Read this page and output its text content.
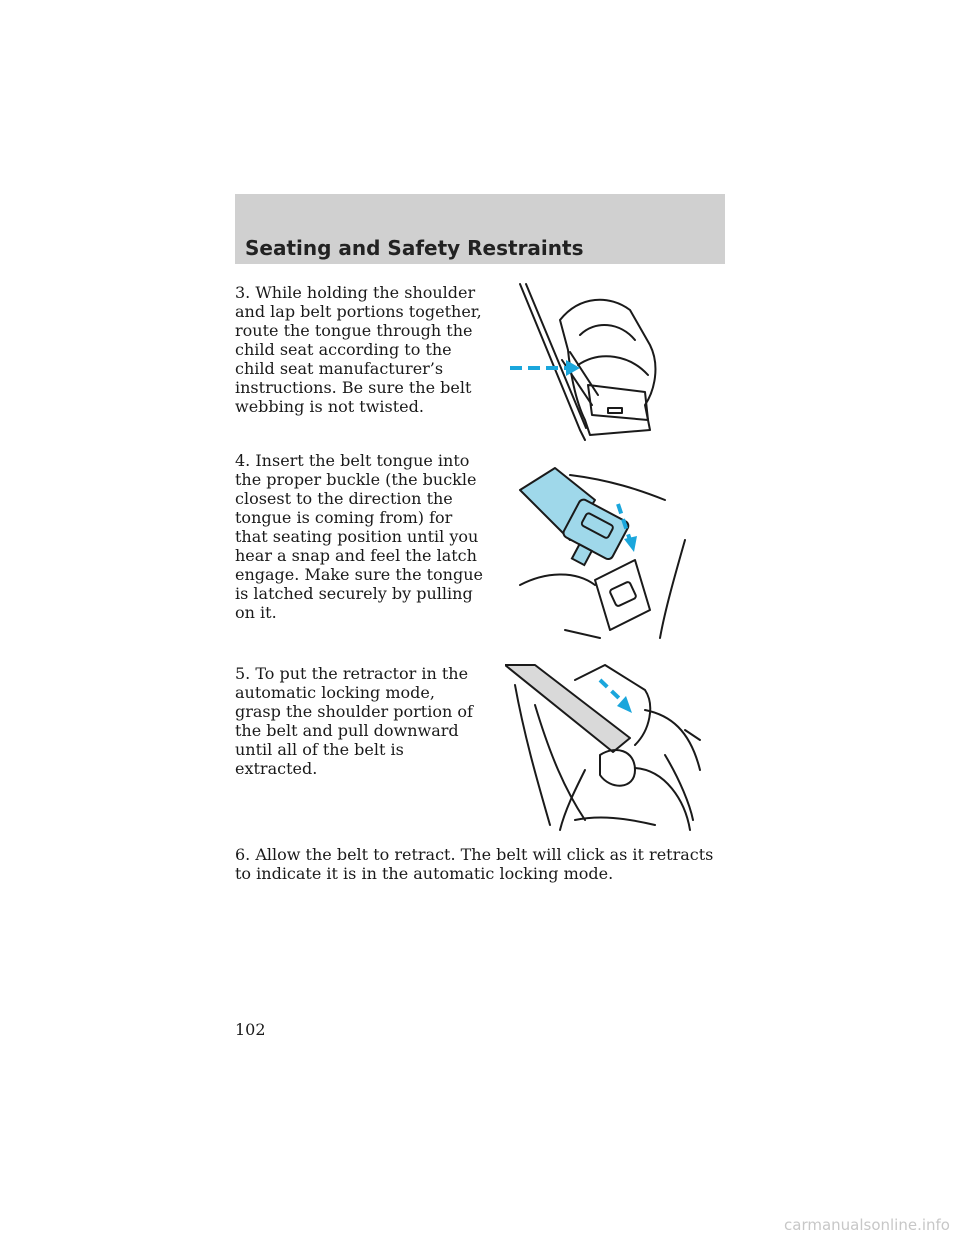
Seating and Safety Restraints

3. While holding the shoulder and lap belt portions together, route the tongue through the child seat according to the child seat manufacturer’s instructions. Be sure the belt webbing is not twisted.

4. Insert the belt tongue into the proper buckle (the buckle closest to the direction the tongue is coming from) for that seating position until you hear a snap and feel the latch engage. Make sure the tongue is latched securely by pulling on it.

5. To put the retractor in the automatic locking mode, grasp the shoulder portion of the belt and pull downward until all of the belt is extracted.

6. Allow the belt to retract. The belt will click as it retracts to indicate it is in the automatic locking mode.

102

carmanualsonline.info
